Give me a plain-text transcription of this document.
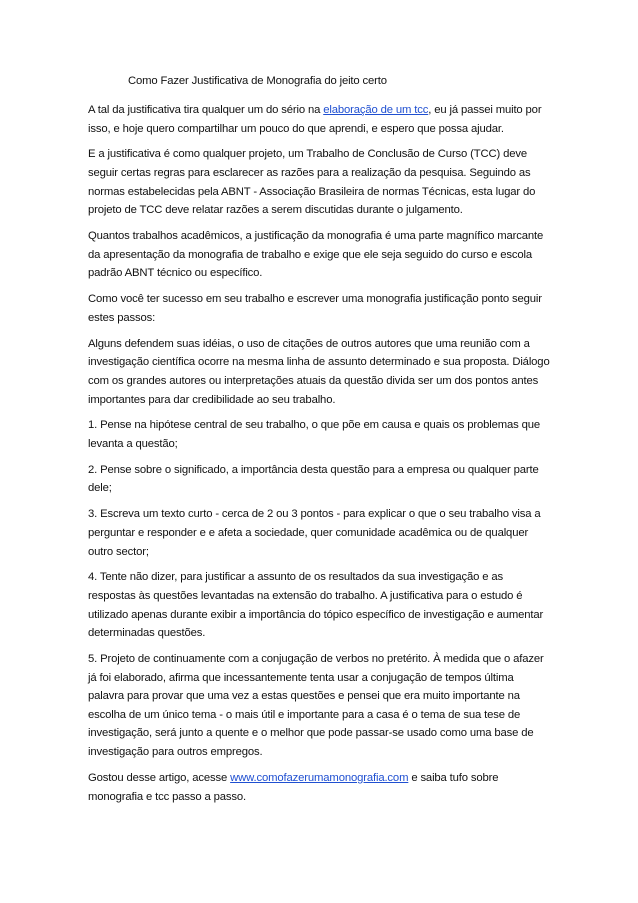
Como Fazer Justificativa de Monografia do jeito certo

A tal da justificativa tira qualquer um do sério na elaboração de um tcc, eu já passei muito por isso, e hoje quero compartilhar um pouco do que aprendi, e espero que possa ajudar.

E a justificativa é como qualquer projeto, um Trabalho de Conclusão de Curso (TCC) deve seguir certas regras para esclarecer as razões para a realização da pesquisa. Seguindo as normas estabelecidas pela ABNT - Associação Brasileira de normas Técnicas, esta lugar do projeto de TCC deve relatar razões a serem discutidas durante o julgamento.

Quantos trabalhos acadêmicos, a justificação da monografia é uma parte magnífico marcante da apresentação da monografia de trabalho e exige que ele seja seguido do curso e escola padrão ABNT técnico ou específico.

Como você ter sucesso em seu trabalho e escrever uma monografia justificação ponto seguir estes passos:

Alguns defendem suas idéias, o uso de citações de outros autores que uma reunião com a investigação científica ocorre na mesma linha de assunto determinado e sua proposta. Diálogo com os grandes autores ou interpretações atuais da questão divida ser um dos pontos antes importantes para dar credibilidade ao seu trabalho.

1. Pense na hipótese central de seu trabalho, o que põe em causa e quais os problemas que levanta a questão;

2. Pense sobre o significado, a importância desta questão para a empresa ou qualquer parte dele;

3. Escreva um texto curto - cerca de 2 ou 3 pontos - para explicar o que o seu trabalho visa a perguntar e responder e e afeta a sociedade, quer comunidade acadêmica ou de qualquer outro sector;

4. Tente não dizer, para justificar a assunto de os resultados da sua investigação e as respostas às questões levantadas na extensão do trabalho. A justificativa para o estudo é utilizado apenas durante exibir a importância do tópico específico de investigação e aumentar determinadas questões.

5. Projeto de continuamente com a conjugação de verbos no pretérito. À medida que o afazer já foi elaborado, afirma que incessantemente tenta usar a conjugação de tempos última palavra para provar que uma vez a estas questões e pensei que era muito importante na escolha de um único tema - o mais útil e importante para a casa é o tema de sua tese de investigação, será junto a quente e o melhor que pode passar-se usado como uma base de investigação para outros empregos.

Gostou desse artigo, acesse www.comofazerumamonografia.com e saiba tufo sobre monografia e tcc passo a passo.
